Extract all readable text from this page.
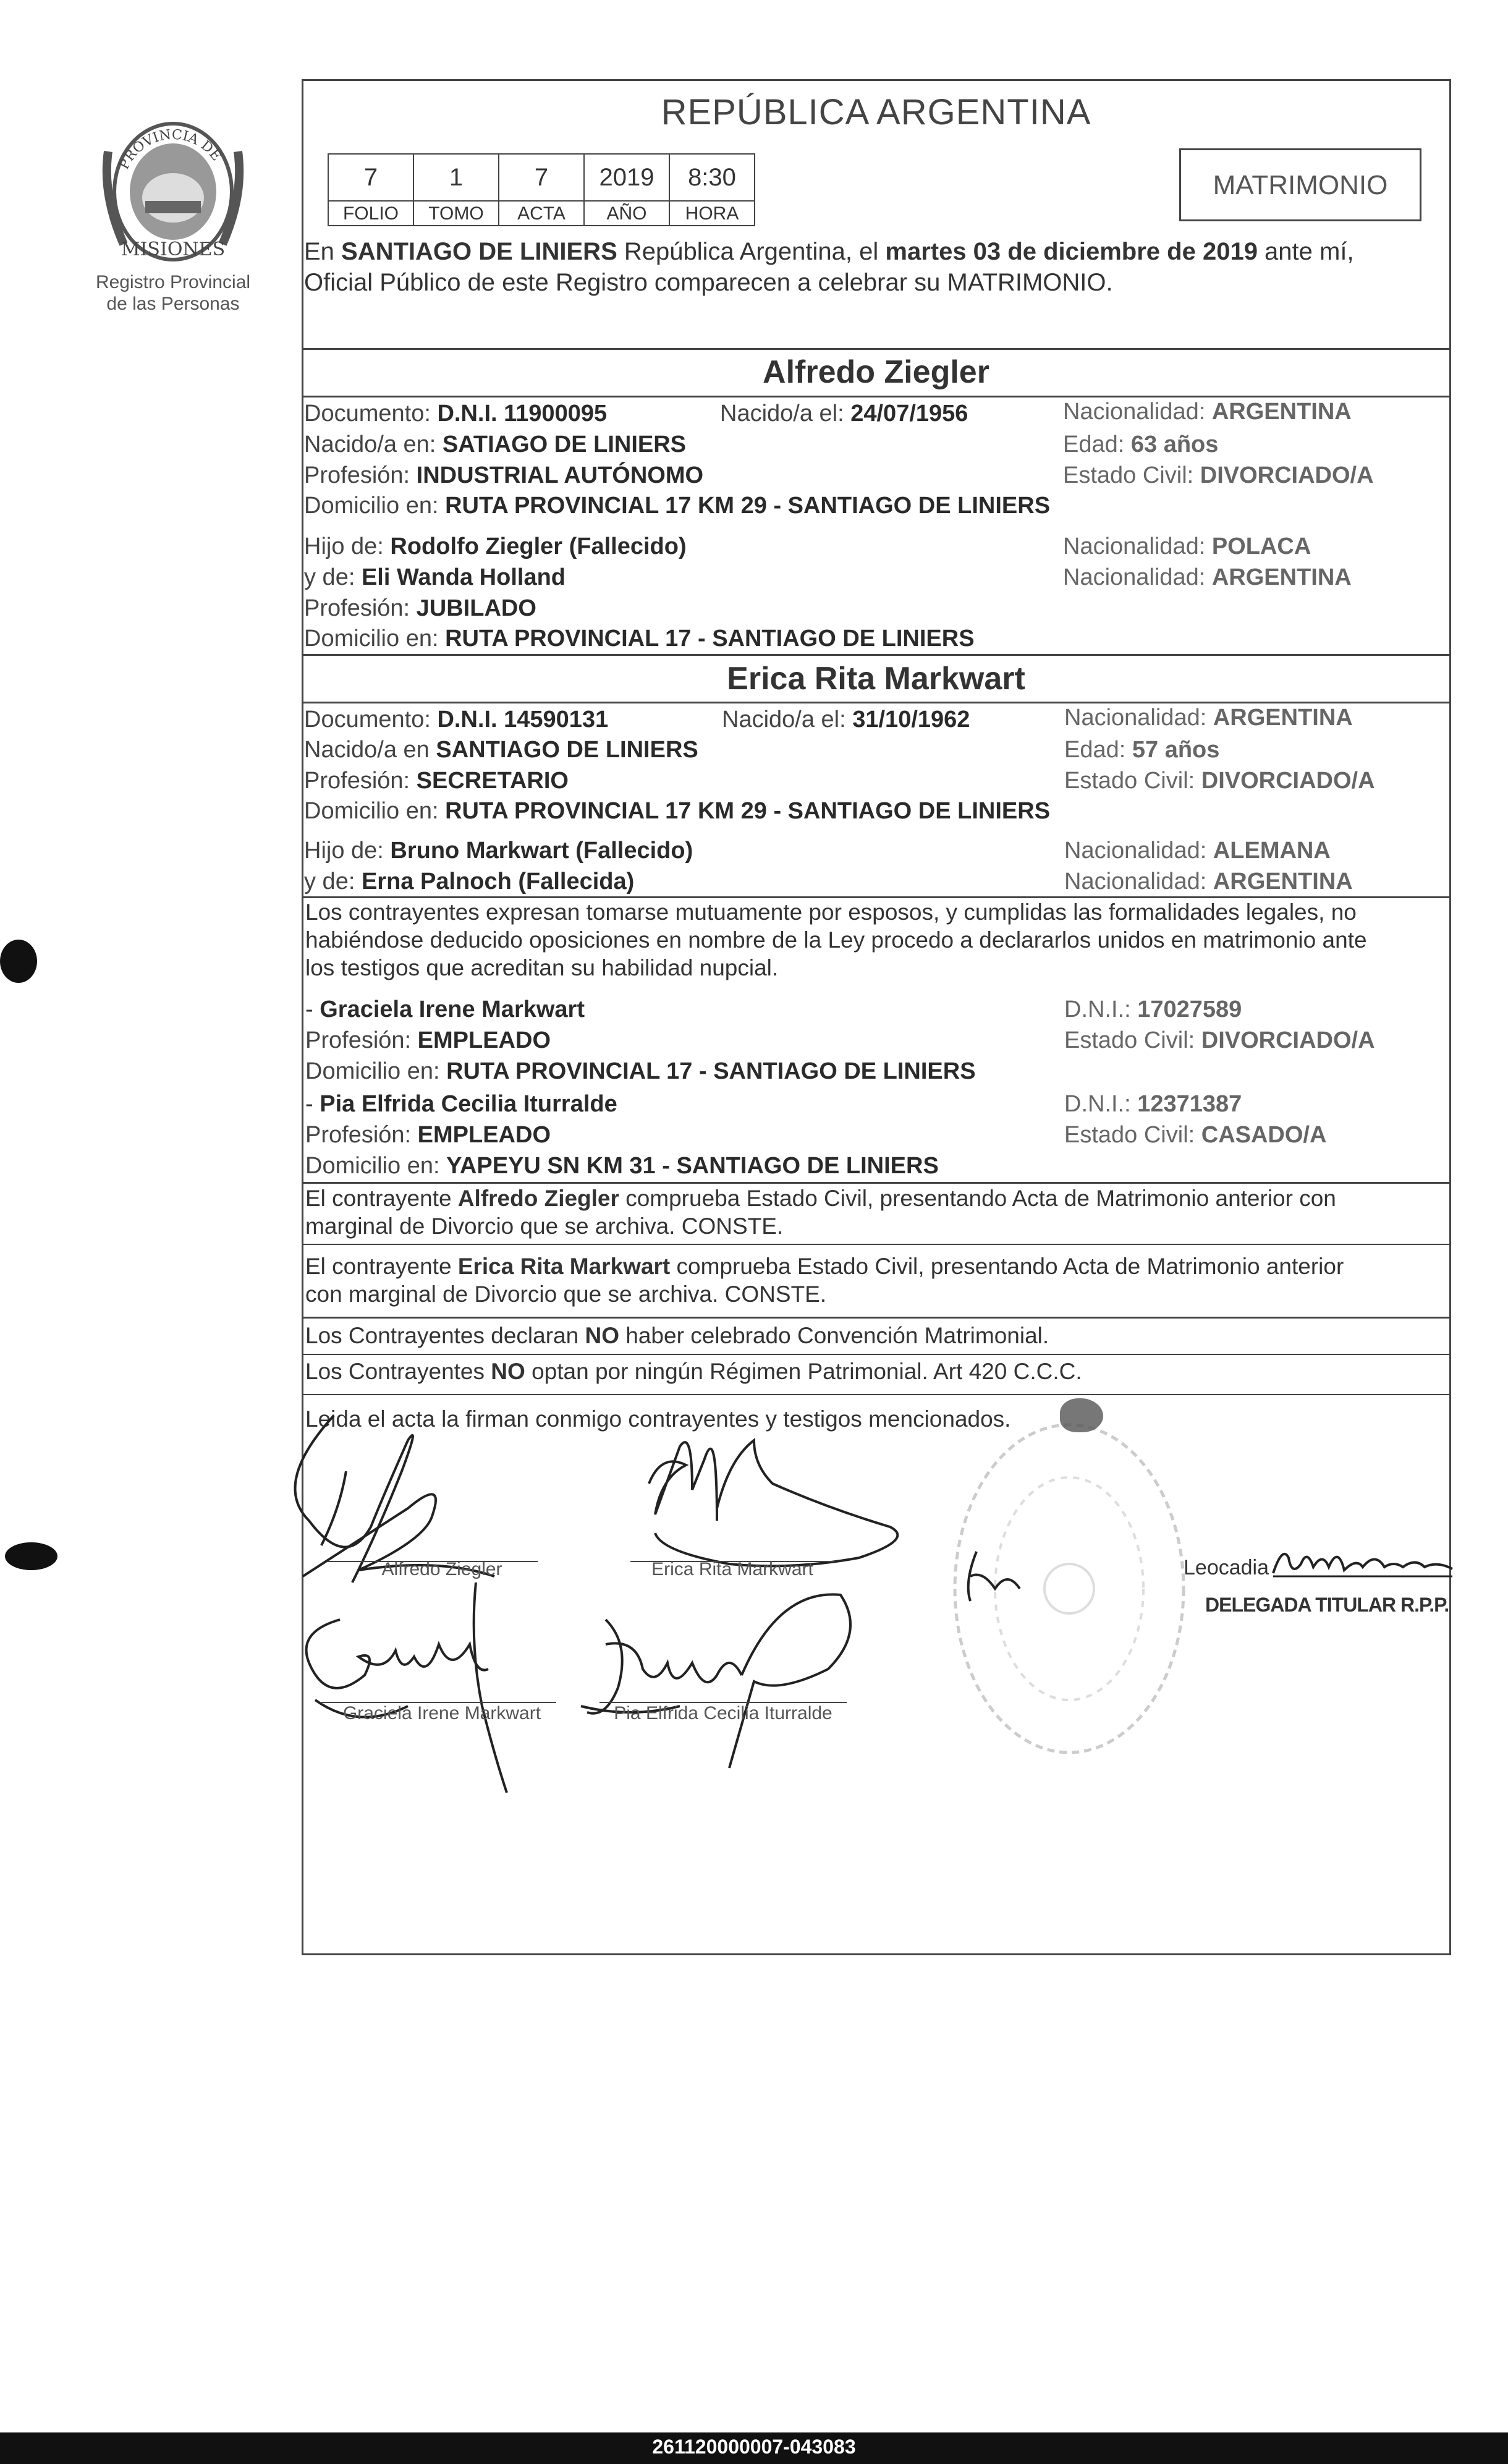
PROVINCIA DE
MISIONES
Registro Provincial
de las Personas
REPÚBLICA ARGENTINA
7	1	7	2019	8:30
FOLIO	TOMO	ACTA	AÑO	HORA
MATRIMONIO
En SANTIAGO DE LINIERS República Argentina, el martes 03 de diciembre de 2019 ante mí,
Oficial Público de este Registro comparecen a celebrar su MATRIMONIO.
Alfredo Ziegler
Documento: D.N.I. 11900095	Nacido/a el: 24/07/1956	Nacionalidad: ARGENTINA
Nacido/a en: SATIAGO DE LINIERS	Edad: 63 años
Profesión: INDUSTRIAL AUTÓNOMO	Estado Civil: DIVORCIADO/A
Domicilio en: RUTA PROVINCIAL 17 KM 29 - SANTIAGO DE LINIERS
Hijo de: Rodolfo Ziegler (Fallecido)	Nacionalidad: POLACA
y de: Eli Wanda Holland	Nacionalidad: ARGENTINA
Profesión: JUBILADO
Domicilio en: RUTA PROVINCIAL 17 - SANTIAGO DE LINIERS
Erica Rita Markwart
Documento: D.N.I. 14590131	Nacido/a el: 31/10/1962	Nacionalidad: ARGENTINA
Nacido/a en SANTIAGO DE LINIERS	Edad: 57 años
Profesión: SECRETARIO	Estado Civil: DIVORCIADO/A
Domicilio en: RUTA PROVINCIAL 17 KM 29 - SANTIAGO DE LINIERS
Hijo de: Bruno Markwart (Fallecido)	Nacionalidad: ALEMANA
y de: Erna Palnoch (Fallecida)	Nacionalidad: ARGENTINA
Los contrayentes expresan tomarse mutuamente por esposos, y cumplidas las formalidades legales, no
habiéndose deducido oposiciones en nombre de la Ley procedo a declararlos unidos en matrimonio ante
los testigos que acreditan su habilidad nupcial.
- Graciela Irene Markwart	D.N.I.: 17027589
Profesión: EMPLEADO	Estado Civil: DIVORCIADO/A
Domicilio en: RUTA PROVINCIAL 17 - SANTIAGO DE LINIERS
- Pia Elfrida Cecilia Iturralde	D.N.I.: 12371387
Profesión: EMPLEADO	Estado Civil: CASADO/A
Domicilio en: YAPEYU SN KM 31 - SANTIAGO DE LINIERS
El contrayente Alfredo Ziegler comprueba Estado Civil, presentando Acta de Matrimonio anterior con
marginal de Divorcio que se archiva. CONSTE.
El contrayente Erica Rita Markwart comprueba Estado Civil, presentando Acta de Matrimonio anterior
con marginal de Divorcio que se archiva. CONSTE.
Los Contrayentes declaran NO haber celebrado Convención Matrimonial.
Los Contrayentes NO optan por ningún Régimen Patrimonial. Art 420 C.C.C.
Leida el acta la firman conmigo contrayentes y testigos mencionados.
Alfredo Ziegler	Erica Rita Markwart
Graciela Irene Markwart	Pia Elfrida Cecilia Iturralde
Leocadia
DELEGADA TITULAR R.P.P.
261120000007-043083
